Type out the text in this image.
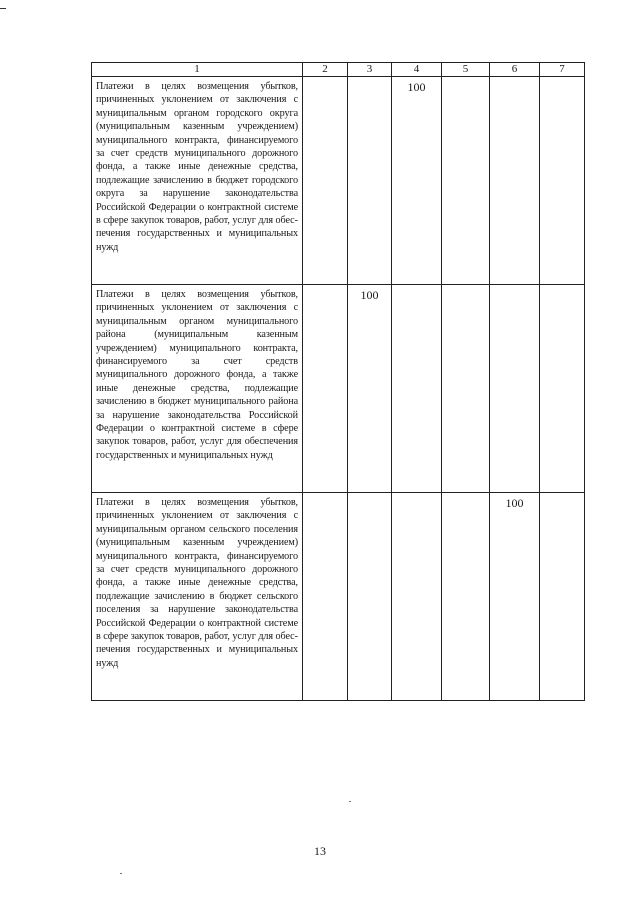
1	2	3	4	5	6	7
Платежи в целях возмещения убытков, причиненных уклонением от заключения с муниципальным органом городского округа (муниципальным казенным учреждением) муниципального контракта, финансируемого за счет средств муниципального дорожного фонда, а также иные денежные средства, подлежащие зачислению в бюджет городского округа за нарушение законодательства Российской Федерации о контрактной системе в сфере закупок товаров, работ, услуг для обеспечения государственных и муниципальных нужд			100			
Платежи в целях возмещения убытков, причиненных уклонением от заключения с муниципальным органом муниципального района (муниципальным казенным учреждением) муниципального контракта, финансируемого за счет средств муниципального дорожного фонда, а также иные денежные средства, подлежащие зачислению в бюджет муниципального района за нарушение законодательства Российской Федерации о контрактной системе в сфере закупок товаров, работ, услуг для обеспечения государственных и муниципальных нужд		100				
Платежи в целях возмещения убытков, причиненных уклонением от заключения с муниципальным органом сельского поселения (муниципальным казенным учреждением) муниципального контракта, финансируемого за счет средств муниципального дорожного фонда, а также иные денежные средства, подлежащие зачислению в бюджет сельского поселения за нарушение законодательства Российской Федерации о контрактной системе в сфере закупок товаров, работ, услуг для обеспечения государственных и муниципальных нужд					100	
13
